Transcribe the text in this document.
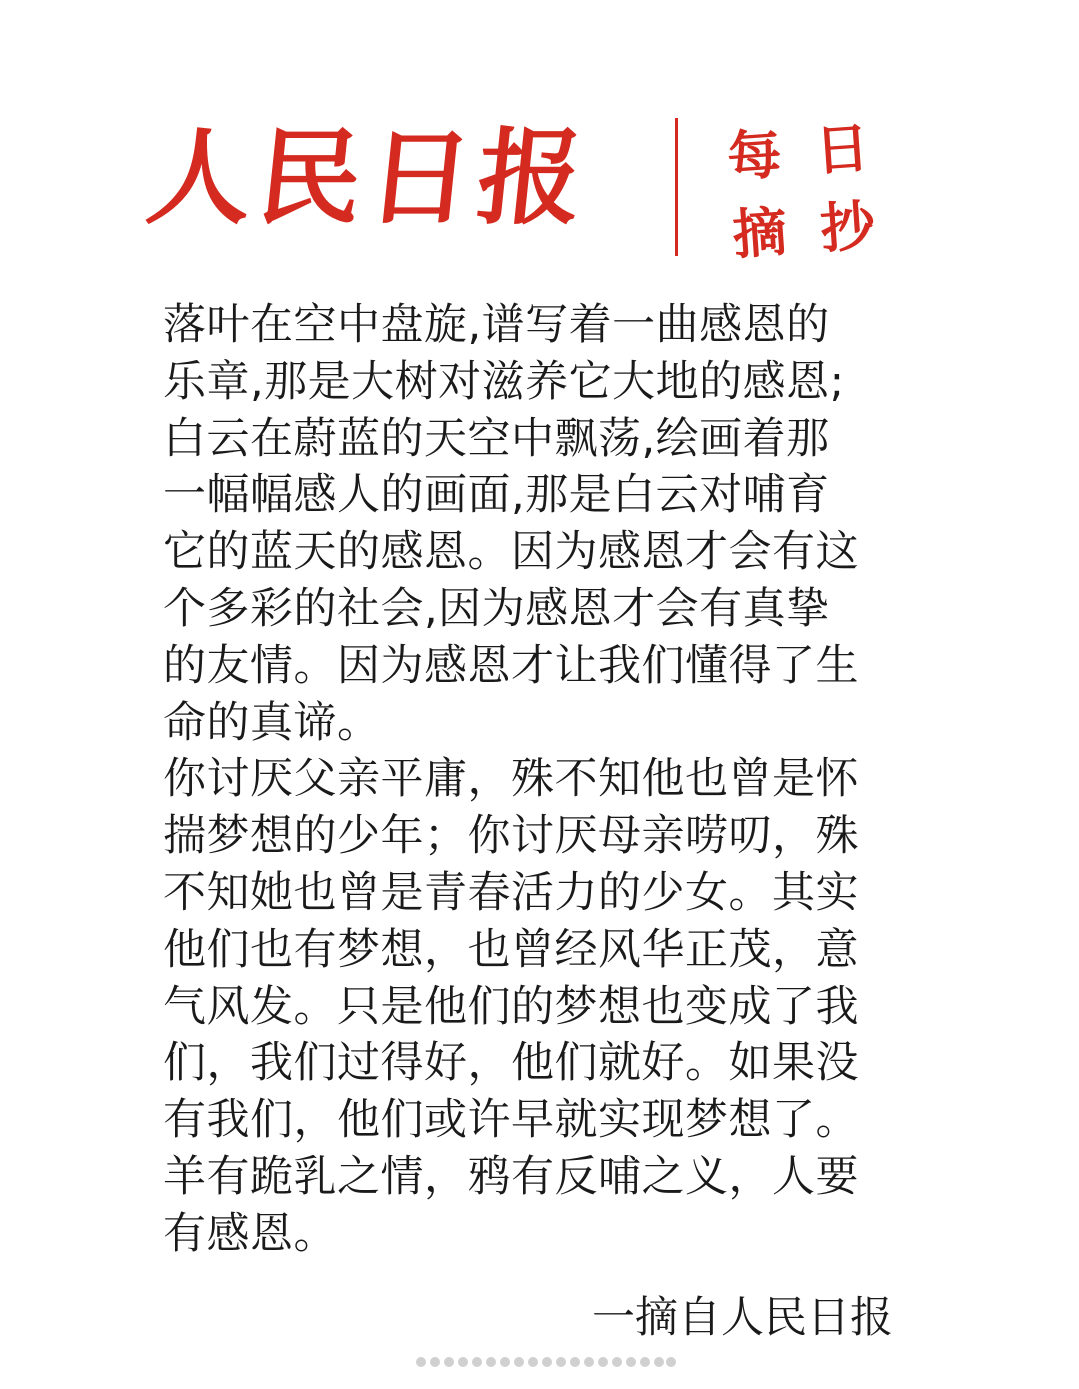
人民日报 每日
摘抄
落叶在空中盘旋,谱写着一曲感恩的
乐章,那是大树对滋养它大地的感恩;
白云在蔚蓝的天空中飘荡,绘画着那
一幅幅感人的画面,那是白云对哺育
它的蓝天的感恩。因为感恩才会有这
个多彩的社会,因为感恩才会有真挚
的友情。因为感恩才让我们懂得了生
命的真谛。
你讨厌父亲平庸，殊不知他也曾是怀
揣梦想的少年；你讨厌母亲唠叨，殊
不知她也曾是青春活力的少女。其实
他们也有梦想，也曾经风华正茂，意
气风发。只是他们的梦想也变成了我
们，我们过得好，他们就好。如果没
有我们，他们或许早就实现梦想了。
羊有跪乳之情，鸦有反哺之义，人要
有感恩。
一摘自人民日报
